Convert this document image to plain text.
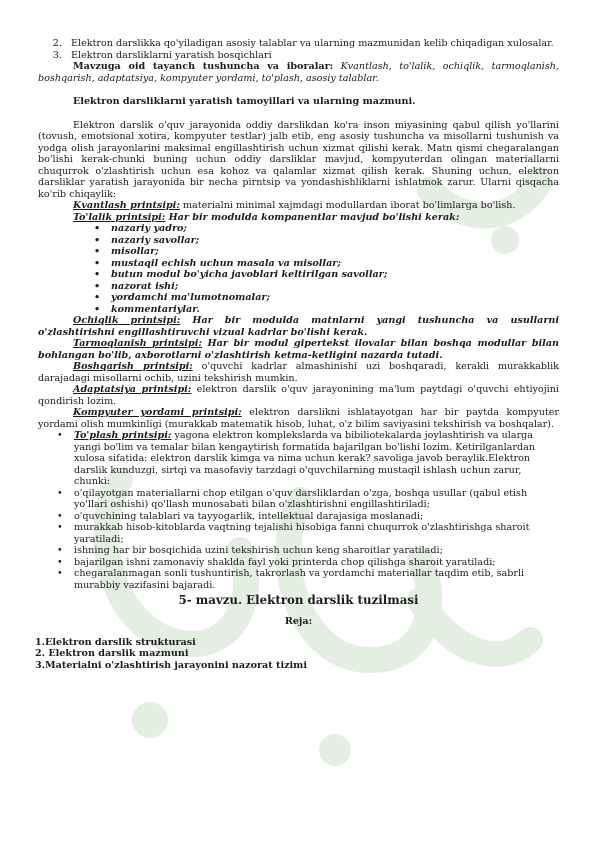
2. Elektron darslikka qo'yiladigan asosiy talablar va ularning mazmunidan kelib chiqadigan xulosalar.
3. Elektron darsliklarni yaratish bosqichlari

Mavzuga oid tayanch tushuncha va iboralar: Kvantlash, to'lalik, ochiqlik, tarmoqlanish, boshqarish, adaptatsiya, kompyuter yordami, to'plash, asosiy talablar.

Elektron darsliklarni yaratish tamoyillari va ularning mazmuni.

Elektron darslik o'quv jarayonida oddiy darslikdan ko'ra inson miyasining qabul qilish yo'llarini (tovush, emotsional xotira, kompyuter testlar) jalb etib, eng asosiy tushuncha va misollarni tushunish va yodga olish jarayonlarini maksimal engillashtirish uchun xizmat qilishi kerak. Matn qismi chegaralangan bo'lishi kerak-chunki buning uchun oddiy darsliklar mavjud, kompyuterdan olingan materiallarni chuqurrok o'zlashtirish uchun esa kohoz va qalamlar xizmat qilish kerak. Shuning uchun, elektron darsliklar yaratish jarayonida bir necha pirntsip va yondashishliklarni ishlatmok zarur. Ularni qisqacha ko'rib chiqaylik:

Kvantlash printsipi: materialni minimal xajmdagi modullardan iborat bo'limlarga bo'lish.

To'lalik printsipi: Har bir modulda kompanentlar mavjud bo'lishi kerak:

• nazariy yadro;
• nazariy savollar;
• misollar;
• mustaqil echish uchun masala va misollar;
• butun modul bo'yicha javoblari keltirilgan savollar;
• nazorat ishi;
• yordamchi ma'lumotnomalar;
• kommentariylar.

Ochiqlik printsipi: Har bir modulda matnlarni yangi tushuncha va usullarni o'zlashtirishni engillashtiruvchi vizual kadrlar bo'lishi kerak.

Tarmoqlanish printsipi: Har bir modul gipertekst ilovalar bilan boshqa modullar bilan bohlangan bo'lib, axborotlarni o'zlashtirish ketma-ketligini nazarda tutadi.

Boshqarish printsipi: o'quvchi kadrlar almashinishi uzi boshqaradi, kerakli murakkablik darajadagi misollarni ochib, uzini tekshirish mumkin.

Adaptatsiya printsipi: elektron darslik o'quv jarayonining ma'lum paytdagi o'quvchi ehtiyojini qondirish lozim.

Kompyuter yordami printsipi: elektron darslikni ishlatayotgan har bir paytda kompyuter yordami olish mumkinligi (murakkab matematik hisob, luhat, o'z bilim saviyasini tekshirish va boshqalar).

• To'plash printsipi: yagona elektron komplekslarda va bibiliotekalarda joylashtirish va ularga yangi bo'lim va temalar bilan kengaytirish formatida bajarilgan bo'lishi lozim. Ketirilganlardan xulosa sifatida: elektron darslik kimga va nima uchun kerak? savoliga javob beraylik.Elektron darslik kunduzgi, sirtqi va masofaviy tarzdagi o'quvchilarning mustaqil ishlash uchun zarur, chunki:
• o'qilayotgan materiallarni chop etilgan o'quv darsliklardan o'zga, boshqa usullar (qabul etish yo'llari oshishi) qo'llash munosabati bilan o'zlashtirishni engillashtiriladi;
• o'quvchining talablari va tayyogarlik, intellektual darajasiga moslanadi;
• murakkab hisob-kitoblarda vaqtning tejalishi hisobiga fanni chuqurrok o'zlashtirishga sharoit yaratiladi;
• ishning har bir bosqichida uzini tekshirish uchun keng sharoitlar yaratiladi;
• bajarilgan ishni zamonaviy shaklda fayl yoki printerda chop qilishga sharoit yaratiladi;
• chegaralanmagan sonli tushuntirish, takrorlash va yordamchi materiallar taqdim etib, sabrli murabbiy vazifasini bajaradi.

5- mavzu. Elektron darslik tuzilmasi

Reja:

1.Elektron darslik strukturasi

2. Elektron darslik mazmuni

3.Materialni o'zlashtirish jarayonini nazorat tizimi
